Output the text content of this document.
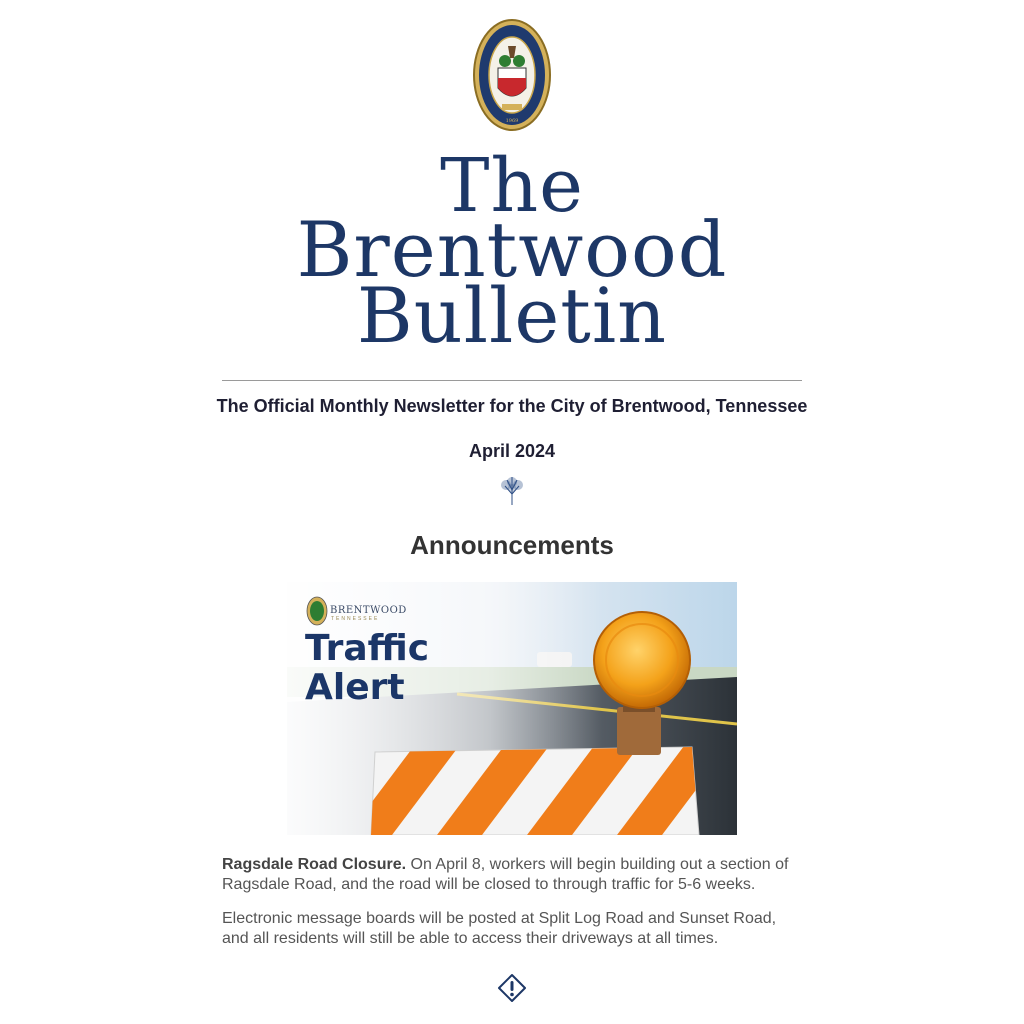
1969
The
Brentwood
Bulletin
The Official Monthly Newsletter for the City of Brentwood, Tennessee
April 2024
Announcements
BRENTWOOD
TENNESSEE
Traffic
Alert
Ragsdale Road Closure. On April 8, workers will begin building out a section of Ragsdale Road, and the road will be closed to through traffic for 5-6 weeks.
Electronic message boards will be posted at Split Log Road and Sunset Road, and all residents will still be able to access their driveways at all times.
